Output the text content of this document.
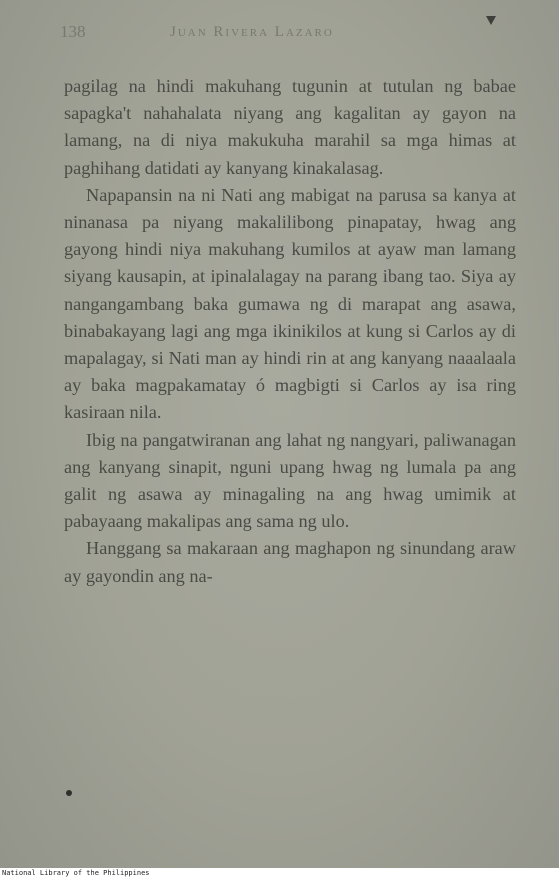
138	Juan Rivera Lazaro

pagilag na hindi makuhang tugunin at tutulan ng babae sapagka't nahahalata niyang ang kagalitan ay gayon na lamang, na di niya makukuha marahil sa mga himas at paghihang datidati ay kanyang kinakalasag.

Napapansin na ni Nati ang mabigat na parusa sa kanya at ninanasa pa niyang makalilibong pinapatay, hwag ang gayong hindi niya makuhang kumilos at ayaw man lamang siyang kausapin, at ipinalalagay na parang ibang tao. Siya ay nangangambang baka gumawa ng di marapat ang asawa, binabakayang lagi ang mga ikinikilos at kung si Carlos ay di mapalagay, si Nati man ay hindi rin at ang kanyang naaalaala ay baka magpakamatay ó magbigti si Carlos ay isa ring kasiraan nila.

Ibig na pangatwiranan ang lahat ng nangyari, paliwanagan ang kanyang sinapit, nguni upang hwag ng lumala pa ang galit ng asawa ay minagaling na ang hwag umimik at pabayaang makalipas ang sama ng ulo.

Hanggang sa makaraan ang maghapon ng sinundang araw ay gayondin ang na-

National Library of the Philippines
